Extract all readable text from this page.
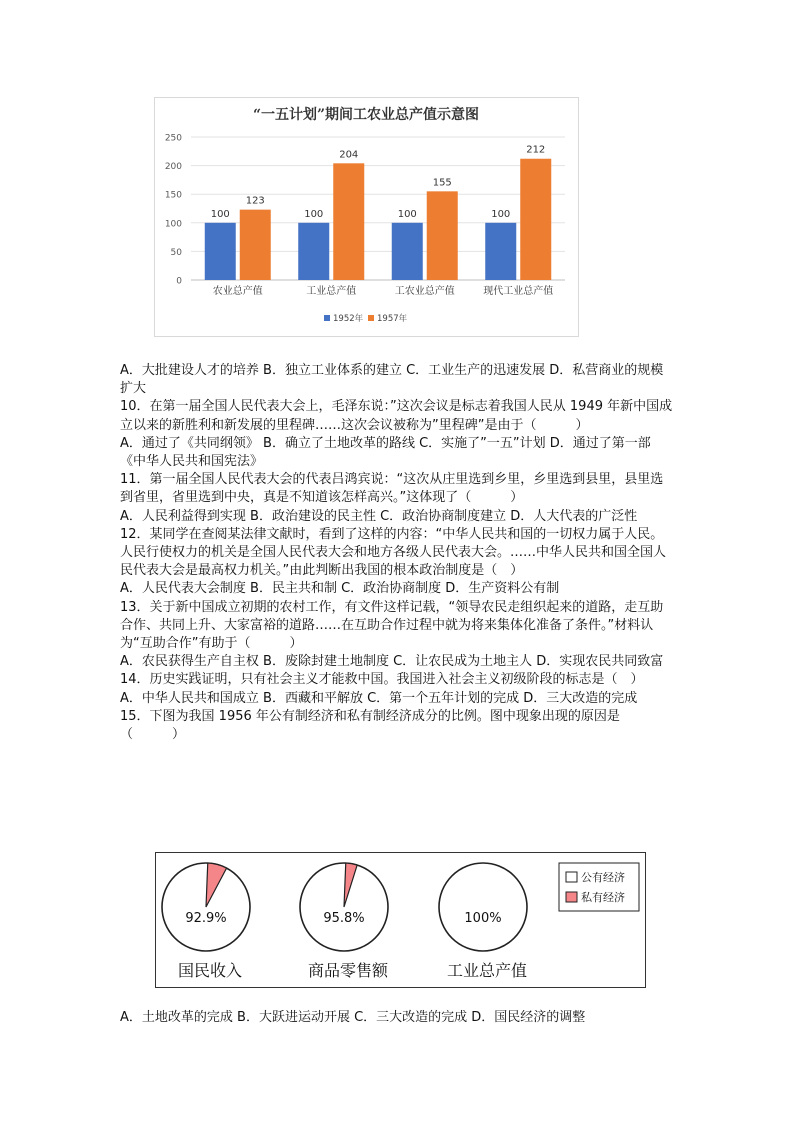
“一五计划”期间工农业总产值示意图
0
50
100
150
200
250
100
123
农业总产值
100
204
工业总产值
100
155
工农业总产值
100
212
现代工业总产值
1952年 1957年

A．大批建设人才的培养 B．独立工业体系的建立 C．工业生产的迅速发展 D．私营商业的规模扩大

10．在第一届全国人民代表大会上，毛泽东说：”这次会议是标志着我国人民从 1949 年新中国成立以来的新胜利和新发展的里程碑……这次会议被称为”里程碑”是由于（　　　）

A．通过了《共同纲领》 B．确立了土地改革的路线 C．实施了”一五”计划 D．通过了第一部《中华人民共和国宪法》

11．第一届全国人民代表大会的代表吕鸿宾说：“这次从庄里选到乡里，乡里选到县里，县里选到省里，省里选到中央，真是不知道该怎样高兴。”这体现了（　　　）

A．人民利益得到实现 B．政治建设的民主性 C．政治协商制度建立 D．人大代表的广泛性

12．某同学在查阅某法律文献时，看到了这样的内容：“中华人民共和国的一切权力属于人民。人民行使权力的机关是全国人民代表大会和地方各级人民代表大会。……中华人民共和国全国人民代表大会是最高权力机关。”由此判断出我国的根本政治制度是（　）

A．人民代表大会制度 B．民主共和制 C．政治协商制度 D．生产资料公有制

13．关于新中国成立初期的农村工作，有文件这样记载，“领导农民走组织起来的道路，走互助合作、共同上升、大家富裕的道路……在互助合作过程中就为将来集体化准备了条件。”材料认为“互助合作”有助于（　　　）

A．农民获得生产自主权 B．废除封建土地制度 C．让农民成为土地主人 D．实现农民共同致富

14．历史实践证明，只有社会主义才能救中国。我国进入社会主义初级阶段的标志是（　）

A．中华人民共和国成立 B．西藏和平解放 C．第一个五年计划的完成 D．三大改造的完成

15．下图为我国 1956 年公有制经济和私有制经济成分的比例。图中现象出现的原因是（　　　）

92.9%
国民收入
95.8%
商品零售额
100%
工业总产值
公有经济
私有经济
A．土地改革的完成 B．大跃进运动开展 C．三大改造的完成 D．国民经济的调整
